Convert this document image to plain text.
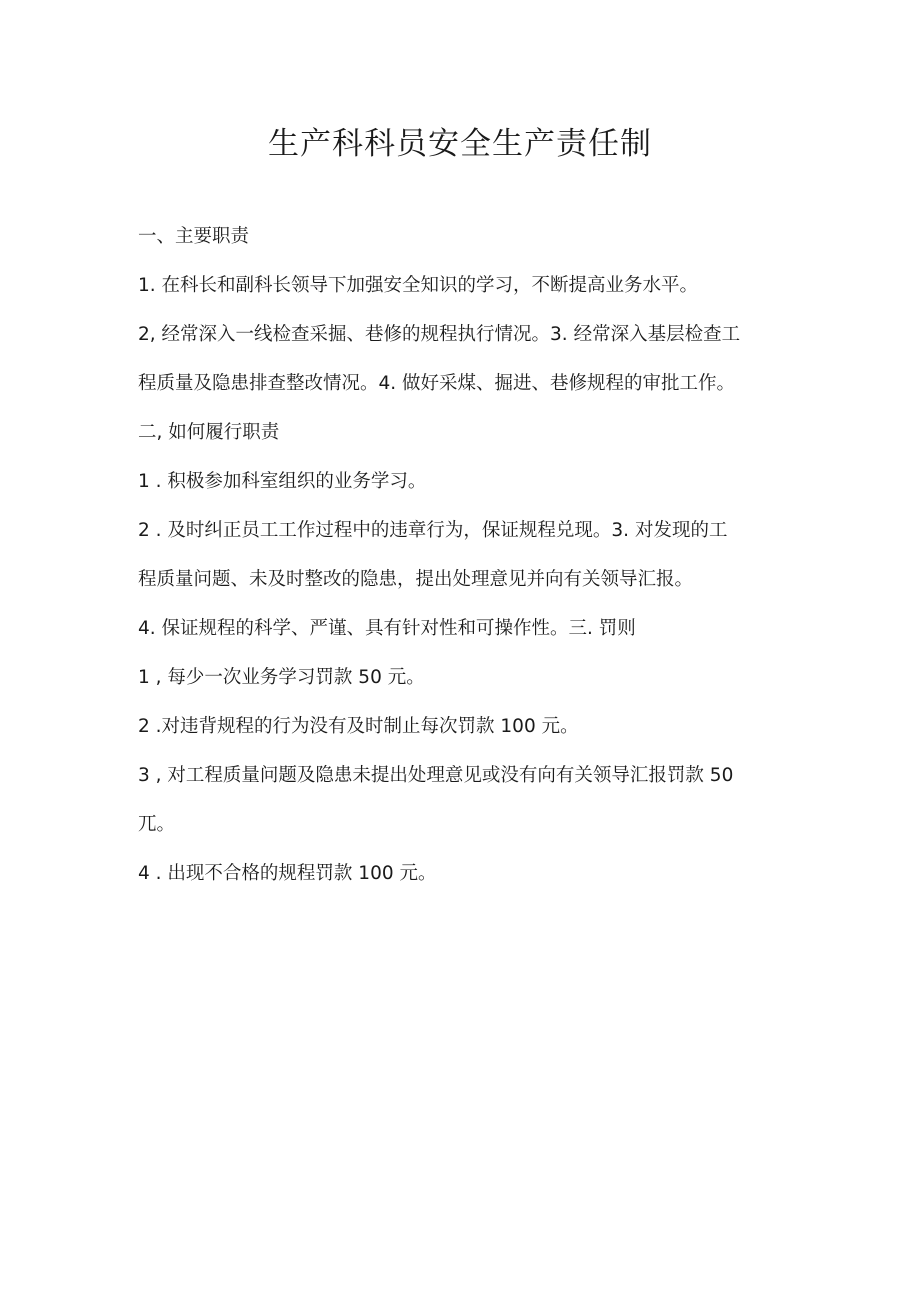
生产科科员安全生产责任制

一、主要职责

1. 在科长和副科长领导下加强安全知识的学习，不断提高业务水平。

2, 经常深入一线检查采掘、巷修的规程执行情况。3. 经常深入基层检查工

程质量及隐患排查整改情况。4. 做好采煤、掘进、巷修规程的审批工作。

二, 如何履行职责

1 . 积极参加科室组织的业务学习。

2 . 及时纠正员工工作过程中的违章行为，保证规程兑现。3. 对发现的工

程质量问题、未及时整改的隐患，提出处理意见并向有关领导汇报。

4. 保证规程的科学、严谨、具有针对性和可操作性。三. 罚则

1 , 每少一次业务学习罚款 50 元。

2 .对违背规程的行为没有及时制止每次罚款 100 元。

3 , 对工程质量问题及隐患未提出处理意见或没有向有关领导汇报罚款 50

兀。

4 . 出现不合格的规程罚款 100 元。
